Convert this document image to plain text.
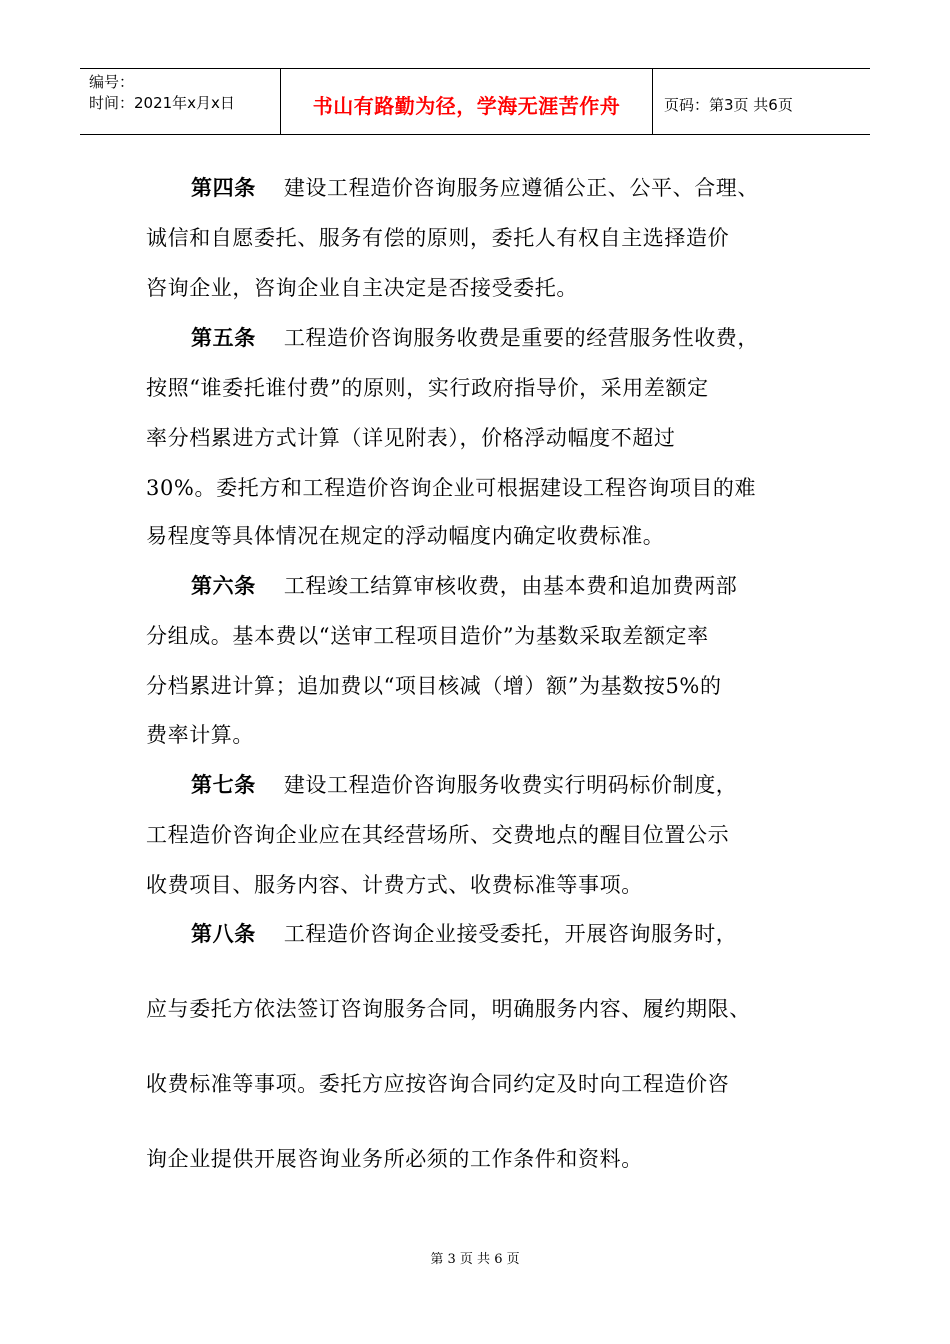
编号：
时间：2021年x月x日	书山有路勤为径，学海无涯苦作舟	页码：第3页 共6页
第四条 建设工程造价咨询服务应遵循公正、公平、合理、
诚信和自愿委托、服务有偿的原则，委托人有权自主选择造价
咨询企业，咨询企业自主决定是否接受委托。
第五条 工程造价咨询服务收费是重要的经营服务性收费，
按照“谁委托谁付费”的原则，实行政府指导价，采用差额定
率分档累进方式计算（详见附表），价格浮动幅度不超过
30%。委托方和工程造价咨询企业可根据建设工程咨询项目的难
易程度等具体情况在规定的浮动幅度内确定收费标准。
第六条 工程竣工结算审核收费，由基本费和追加费两部
分组成。基本费以“送审工程项目造价”为基数采取差额定率
分档累进计算；追加费以“项目核减（增）额”为基数按5%的
费率计算。
第七条 建设工程造价咨询服务收费实行明码标价制度，
工程造价咨询企业应在其经营场所、交费地点的醒目位置公示
收费项目、服务内容、计费方式、收费标准等事项。
第八条 工程造价咨询企业接受委托，开展咨询服务时，
应与委托方依法签订咨询服务合同，明确服务内容、履约期限、
收费标准等事项。委托方应按咨询合同约定及时向工程造价咨
询企业提供开展咨询业务所必须的工作条件和资料。
第 3 页 共 6 页
